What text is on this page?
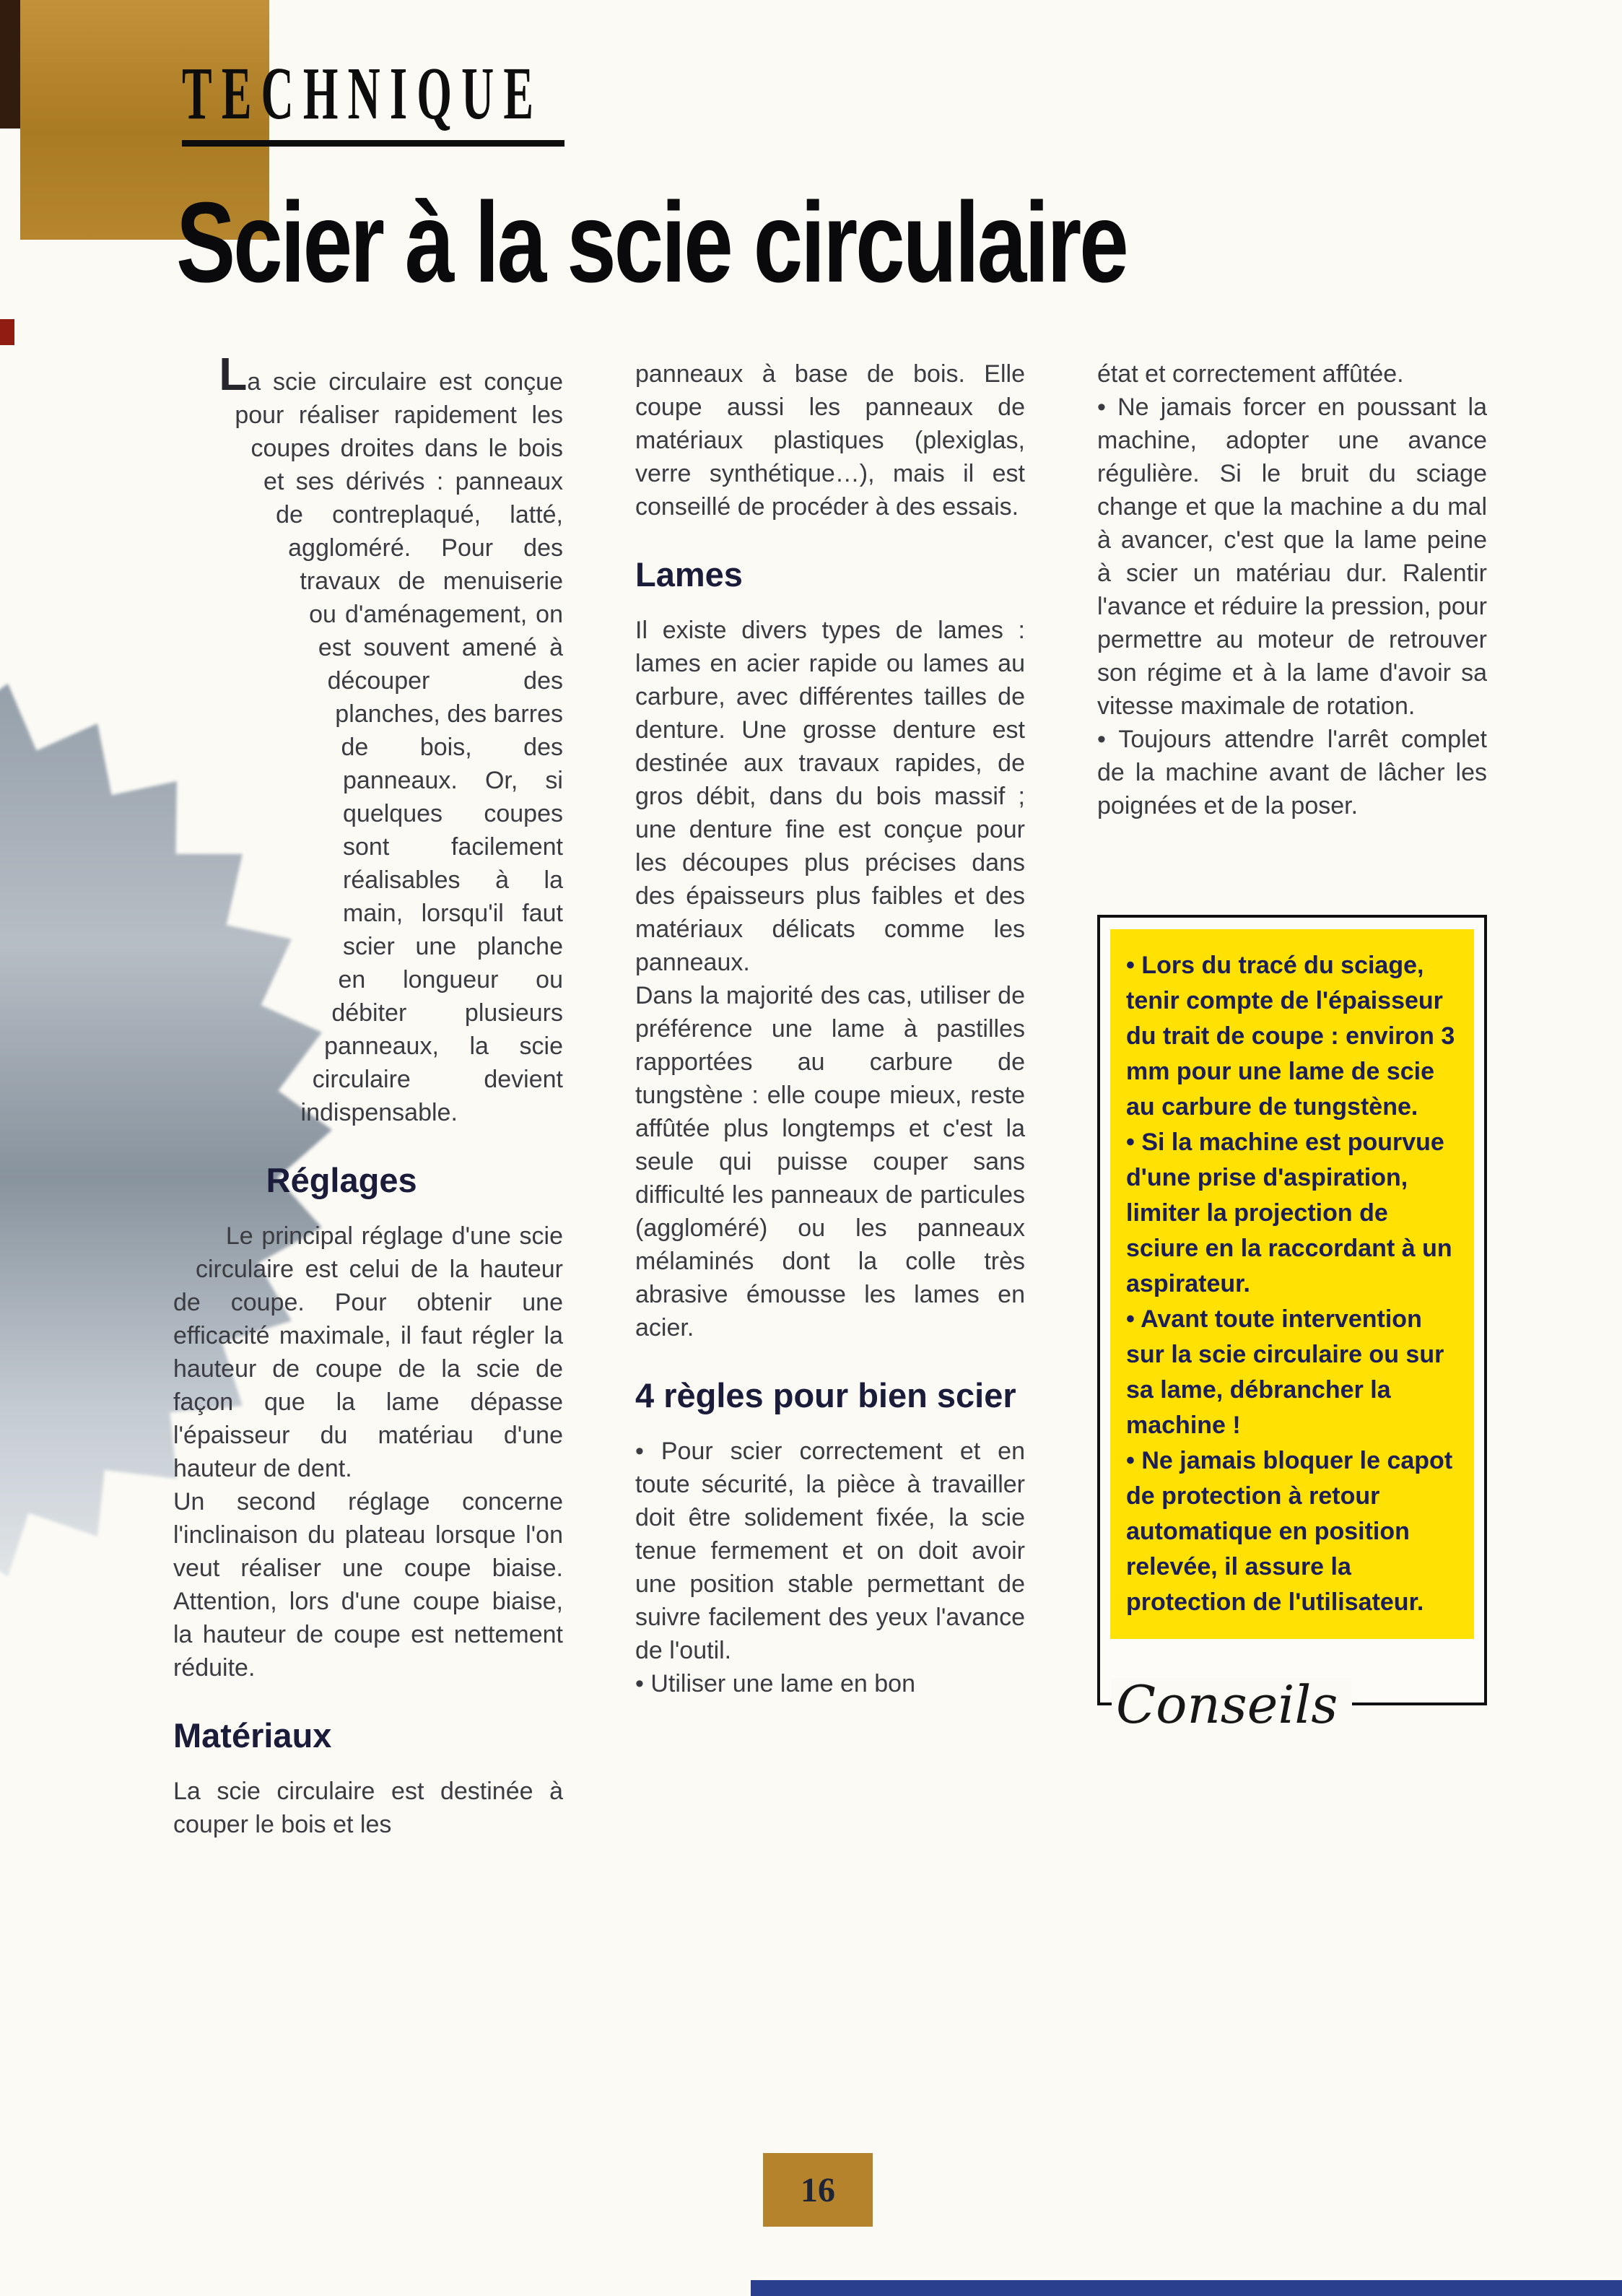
TECHNIQUE
Scier à la scie circulaire

La scie circulaire est conçue pour réaliser rapidement les coupes droites dans le bois et ses dérivés : panneaux de contreplaqué, latté, aggloméré. Pour des travaux de menuiserie ou d'aménagement, on est souvent amené à découper des planches, des barres de bois, des panneaux. Or, si quelques coupes sont facilement réalisables à la main, lorsqu'il faut scier une planche en longueur ou débiter plusieurs panneaux, la scie circulaire devient indispensable.

Réglages

Le principal réglage d'une scie circulaire est celui de la hauteur de coupe. Pour obtenir une efficacité maximale, il faut régler la hauteur de coupe de la scie de façon que la lame dépasse l'épaisseur du matériau d'une hauteur de dent.

Un second réglage concerne l'inclinaison du plateau lorsque l'on veut réaliser une coupe biaise. Attention, lors d'une coupe biaise, la hauteur de coupe est nettement réduite.

Matériaux

La scie circulaire est destinée à couper le bois et les

panneaux à base de bois. Elle coupe aussi les panneaux de matériaux plastiques (plexiglas, verre synthétique…), mais il est conseillé de procéder à des essais.

Lames

Il existe divers types de lames : lames en acier rapide ou lames au carbure, avec différentes tailles de denture. Une grosse denture est destinée aux travaux rapides, de gros débit, dans du bois massif ; une denture fine est conçue pour les découpes plus précises dans des épaisseurs plus faibles et des matériaux délicats comme les panneaux.

Dans la majorité des cas, utiliser de préférence une lame à pastilles rapportées au carbure de tungstène : elle coupe mieux, reste affûtée plus longtemps et c'est la seule qui puisse couper sans difficulté les panneaux de particules (aggloméré) ou les panneaux mélaminés dont la colle très abrasive émousse les lames en acier.

4 règles pour bien scier

• Pour scier correctement et en toute sécurité, la pièce à travailler doit être solidement fixée, la scie tenue fermement et on doit avoir une position stable permettant de suivre facilement des yeux l'avance de l'outil.

• Utiliser une lame en bon

état et correctement affûtée.

• Ne jamais forcer en poussant la machine, adopter une avance régulière. Si le bruit du sciage change et que la machine a du mal à avancer, c'est que la lame peine à scier un matériau dur. Ralentir l'avance et réduire la pression, pour permettre au moteur de retrouver son régime et à la lame d'avoir sa vitesse maximale de rotation.

• Toujours attendre l'arrêt complet de la machine avant de lâcher les poignées et de la poser.

• Lors du tracé du sciage, tenir compte de l'épaisseur du trait de coupe : environ 3 mm pour une lame de scie au carbure de tungstène.

• Si la machine est pourvue d'une prise d'aspiration, limiter la projection de sciure en la raccordant à un aspirateur.

• Avant toute intervention sur la scie circulaire ou sur sa lame, débrancher la machine !

• Ne jamais bloquer le capot de protection à retour automatique en position relevée, il assure la protection de l'utilisateur.

Conseils
16
